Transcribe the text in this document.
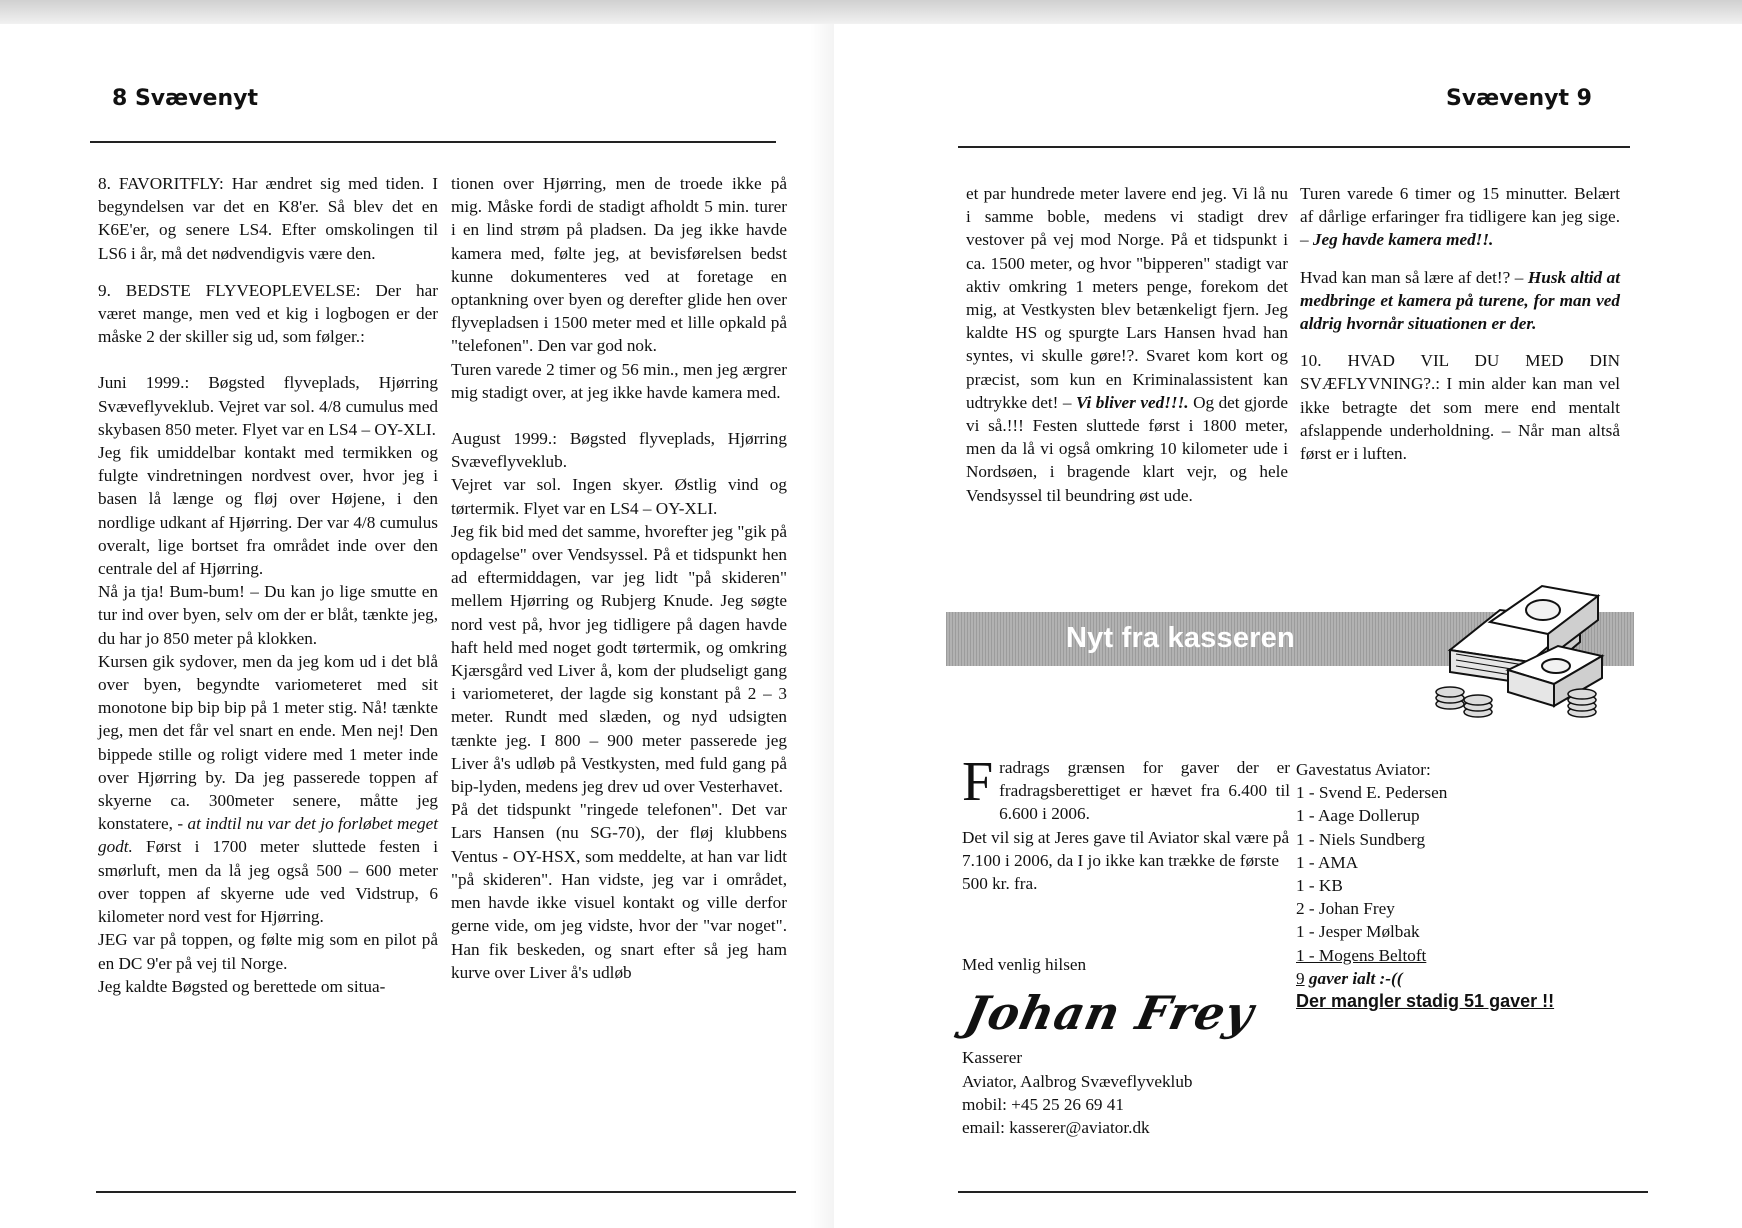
8 Svævenyt

8. FAVORITFLY: Har ændret sig med tiden. I begyndelsen var det en K8'er. Så blev det en K6E'er, og senere LS4. Efter omskolingen til LS6 i år, må det nødvendigvis være den.

9. BEDSTE FLYVEOPLEVELSE: Der har været mange, men ved et kig i logbogen er der måske 2 der skiller sig ud, som følger.:

Juni 1999.: Bøgsted flyveplads, Hjørring Svæveflyveklub. Vejret var sol. 4/8 cumulus med skybasen 850 meter. Flyet var en LS4 – OY-XLI.

Jeg fik umiddelbar kontakt med termikken og fulgte vindretningen nordvest over, hvor jeg i basen lå længe og fløj over Højene, i den nordlige udkant af Hjørring. Der var 4/8 cumulus overalt, lige bortset fra området inde over den centrale del af Hjørring.

Nå ja tja! Bum-bum! – Du kan jo lige smutte en tur ind over byen, selv om der er blåt, tænkte jeg, du har jo 850 meter på klokken.

Kursen gik sydover, men da jeg kom ud i det blå over byen, begyndte variometeret med sit monotone bip bip bip på 1 meter stig. Nå! tænkte jeg, men det får vel snart en ende. Men nej! Den bippede stille og roligt videre med 1 meter inde over Hjørring by. Da jeg passerede toppen af skyerne ca. 300meter senere, måtte jeg konstatere, - at indtil nu var det jo forløbet meget godt. Først i 1700 meter sluttede festen i smørluft, men da lå jeg også 500 – 600 meter over toppen af skyerne ude ved Vidstrup, 6 kilometer nord vest for Hjørring.

JEG var på toppen, og følte mig som en pilot på en DC 9'er på vej til Norge.

Jeg kaldte Bøgsted og berettede om situa-

tionen over Hjørring, men de troede ikke på mig. Måske fordi de stadigt afholdt 5 min. turer i en lind strøm på pladsen. Da jeg ikke havde kamera med, følte jeg, at bevisførelsen bedst kunne dokumenteres ved at foretage en optankning over byen og derefter glide hen over flyvepladsen i 1500 meter med et lille opkald på "telefonen". Den var god nok.

Turen varede 2 timer og 56 min., men jeg ærgrer mig stadigt over, at jeg ikke havde kamera med.

August 1999.: Bøgsted flyveplads, Hjørring Svæveflyveklub.

Vejret var sol. Ingen skyer. Østlig vind og tørtermik. Flyet var en LS4 – OY-XLI.

Jeg fik bid med det samme, hvorefter jeg "gik på opdagelse" over Vendsyssel. På et tidspunkt hen ad eftermiddagen, var jeg lidt "på skideren" mellem Hjørring og Rubjerg Knude. Jeg søgte nord vest på, hvor jeg tidligere på dagen havde haft held med noget godt tørtermik, og omkring Kjærsgård ved Liver å, kom der pludseligt gang i variometeret, der lagde sig konstant på 2 – 3 meter. Rundt med slæden, og nyd udsigten tænkte jeg. I 800 – 900 meter passerede jeg Liver å's udløb på Vestkysten, med fuld gang på bip-lyden, medens jeg drev ud over Vesterhavet.

På det tidspunkt "ringede telefonen". Det var Lars Hansen (nu SG-70), der fløj klubbens Ventus - OY-HSX, som meddelte, at han var lidt "på skideren". Han vidste, jeg var i området, men havde ikke visuel kontakt og ville derfor gerne vide, om jeg vidste, hvor der "var noget". Han fik beskeden, og snart efter så jeg ham kurve over Liver å's udløb

Svævenyt 9

et par hundrede meter lavere end jeg. Vi lå nu i samme boble, medens vi stadigt drev vestover på vej mod Norge. På et tidspunkt i ca. 1500 meter, og hvor "bipperen" stadigt var aktiv omkring 1 meters penge, forekom det mig, at Vestkysten blev betænkeligt fjern. Jeg kaldte HS og spurgte Lars Hansen hvad han syntes, vi skulle gøre!?. Svaret kom kort og præcist, som kun en Kriminalassistent kan udtrykke det! – Vi bliver ved!!!. Og det gjorde vi så.!!! Festen sluttede først i 1800 meter, men da lå vi også omkring 10 kilometer ude i Nordsøen, i bragende klart vejr, og hele Vendsyssel til beundring øst ude.

Turen varede 6 timer og 15 minutter. Belært af dårlige erfaringer fra tidligere kan jeg sige. – Jeg havde kamera med!!.

Hvad kan man så lære af det!? – Husk altid at medbringe et kamera på turene, for man ved aldrig hvornår situationen er der.

10. HVAD VIL DU MED DIN SVÆFLYVNING?.: I min alder kan man vel ikke betragte det som mere end mentalt afslappende underholdning. – Når man altså først er i luften.

Nyt fra kasseren

Fradrags grænsen for gaver der er fradragsberettiget er hævet fra 6.400 til 6.600 i 2006.

Det vil sig at Jeres gave til Aviator skal være på 7.100 i 2006, da I jo ikke kan trække de første 500 kr. fra.

Med venlig hilsen

Johan Frey

Kasserer

Aviator, Aalbrog Svæveflyveklub

mobil: +45 25 26 69 41

email: kasserer@aviator.dk

Gavestatus Aviator:

1 - Svend E. Pedersen

1 - Aage Dollerup

1 - Niels Sundberg

1 - AMA

1 - KB

2 - Johan Frey

1 - Jesper Mølbak

1 - Mogens Beltoft

9 gaver ialt :-((

Der mangler stadig 51 gaver !!
